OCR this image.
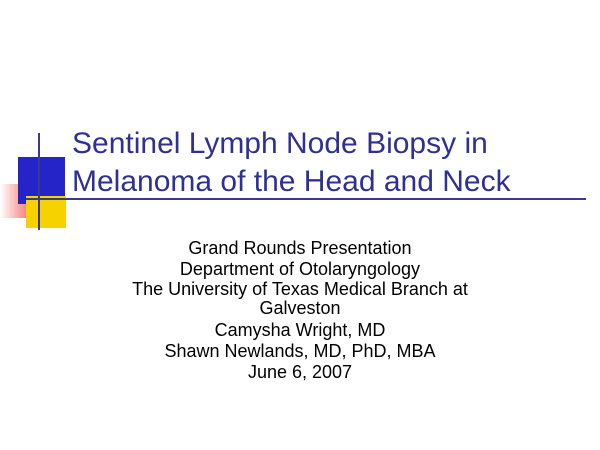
Sentinel Lymph Node Biopsy in
Melanoma of the Head and Neck
Grand Rounds Presentation
Department of Otolaryngology
The University of Texas Medical Branch at
Galveston
Camysha Wright, MD
Shawn Newlands, MD, PhD, MBA
June 6, 2007
